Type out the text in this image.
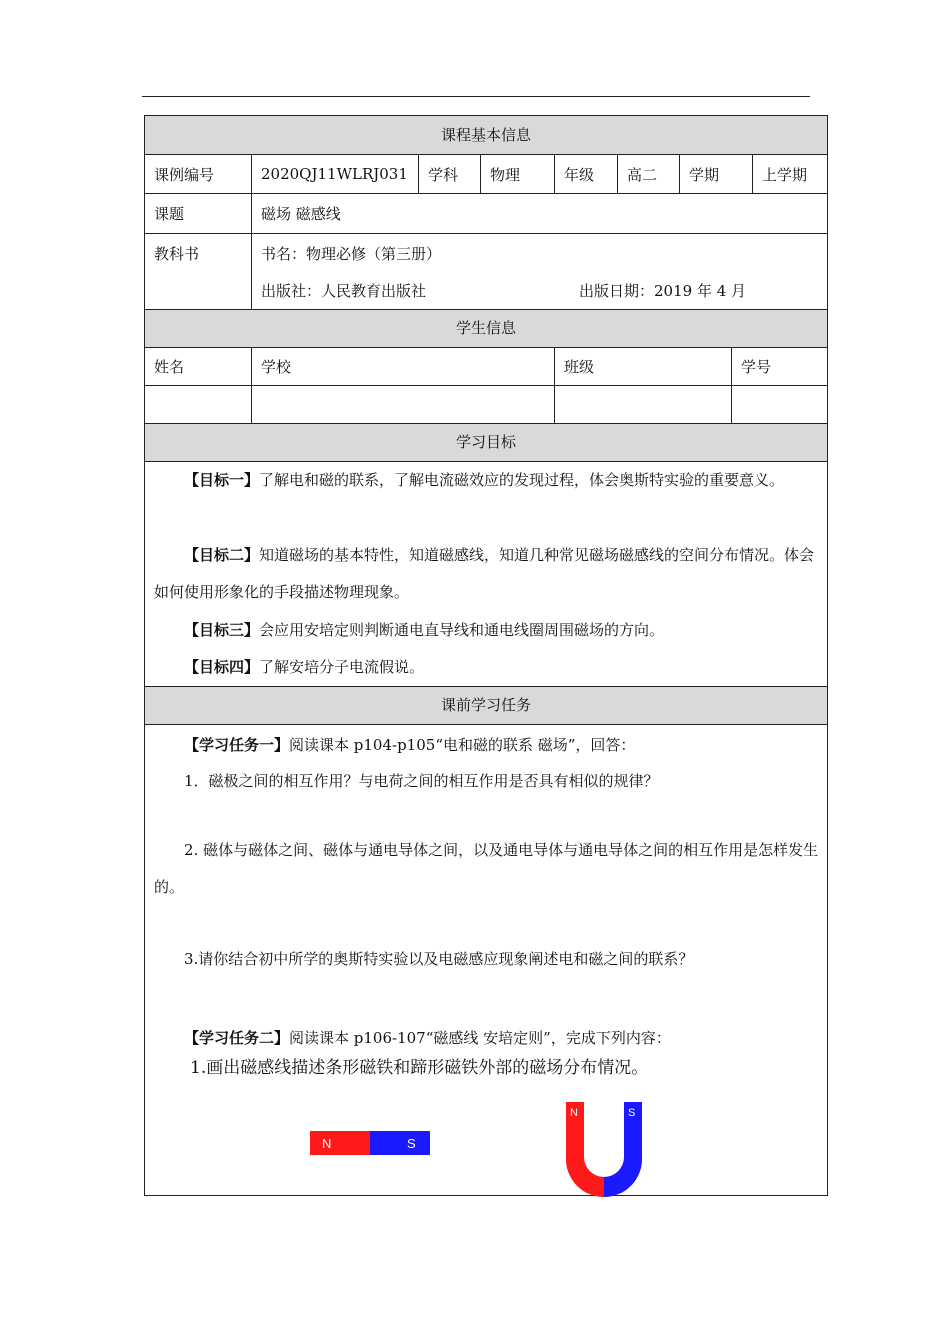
课程基本信息
课例编号	2020QJ11WLRJ031	学科	物理	年级	高二	学期	上学期
课题	磁场 磁感线
教科书	书名：物理必修（第三册）
出版社：人民教育出版社	出版日期：2019 年 4 月
学生信息
姓名	学校	班级	学号
学习目标
【目标一】了解电和磁的联系，了解电流磁效应的发现过程，体会奥斯特实验的重要意义。
【目标二】知道磁场的基本特性，知道磁感线，知道几种常见磁场磁感线的空间分布情况。体会如何使用形象化的手段描述物理现象。
【目标三】会应用安培定则判断通电直导线和通电线圈周围磁场的方向。
【目标四】了解安培分子电流假说。
课前学习任务
【学习任务一】阅读课本 p104-p105“电和磁的联系 磁场”，回答：
1．磁极之间的相互作用？与电荷之间的相互作用是否具有相似的规律？
2. 磁体与磁体之间、磁体与通电导体之间，以及通电导体与通电导体之间的相互作用是怎样发生的。
3.请你结合初中所学的奥斯特实验以及电磁感应现象阐述电和磁之间的联系？
【学习任务二】阅读课本 p106-107“磁感线 安培定则”，完成下列内容：
1.画出磁感线描述条形磁铁和蹄形磁铁外部的磁场分布情况。
N	S
N	S
